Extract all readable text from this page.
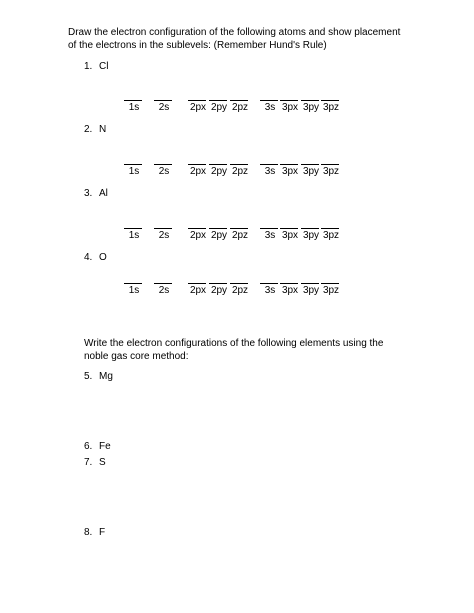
Draw the electron configuration of the following atoms and show placement of the electrons in the sublevels: (Remember Hund's Rule)
1. Cl
1s	2s	2px 2py 2pz	3s 3px 3py 3pz
2. N
1s	2s	2px 2py 2pz	3s 3px 3py 3pz
3. Al
1s	2s	2px 2py 2pz	3s 3px 3py 3pz
4. O
1s	2s	2px 2py 2pz	3s 3px 3py 3pz
Write the electron configurations of the following elements using the noble gas core method:
5. Mg
6. Fe
7. S
8. F
